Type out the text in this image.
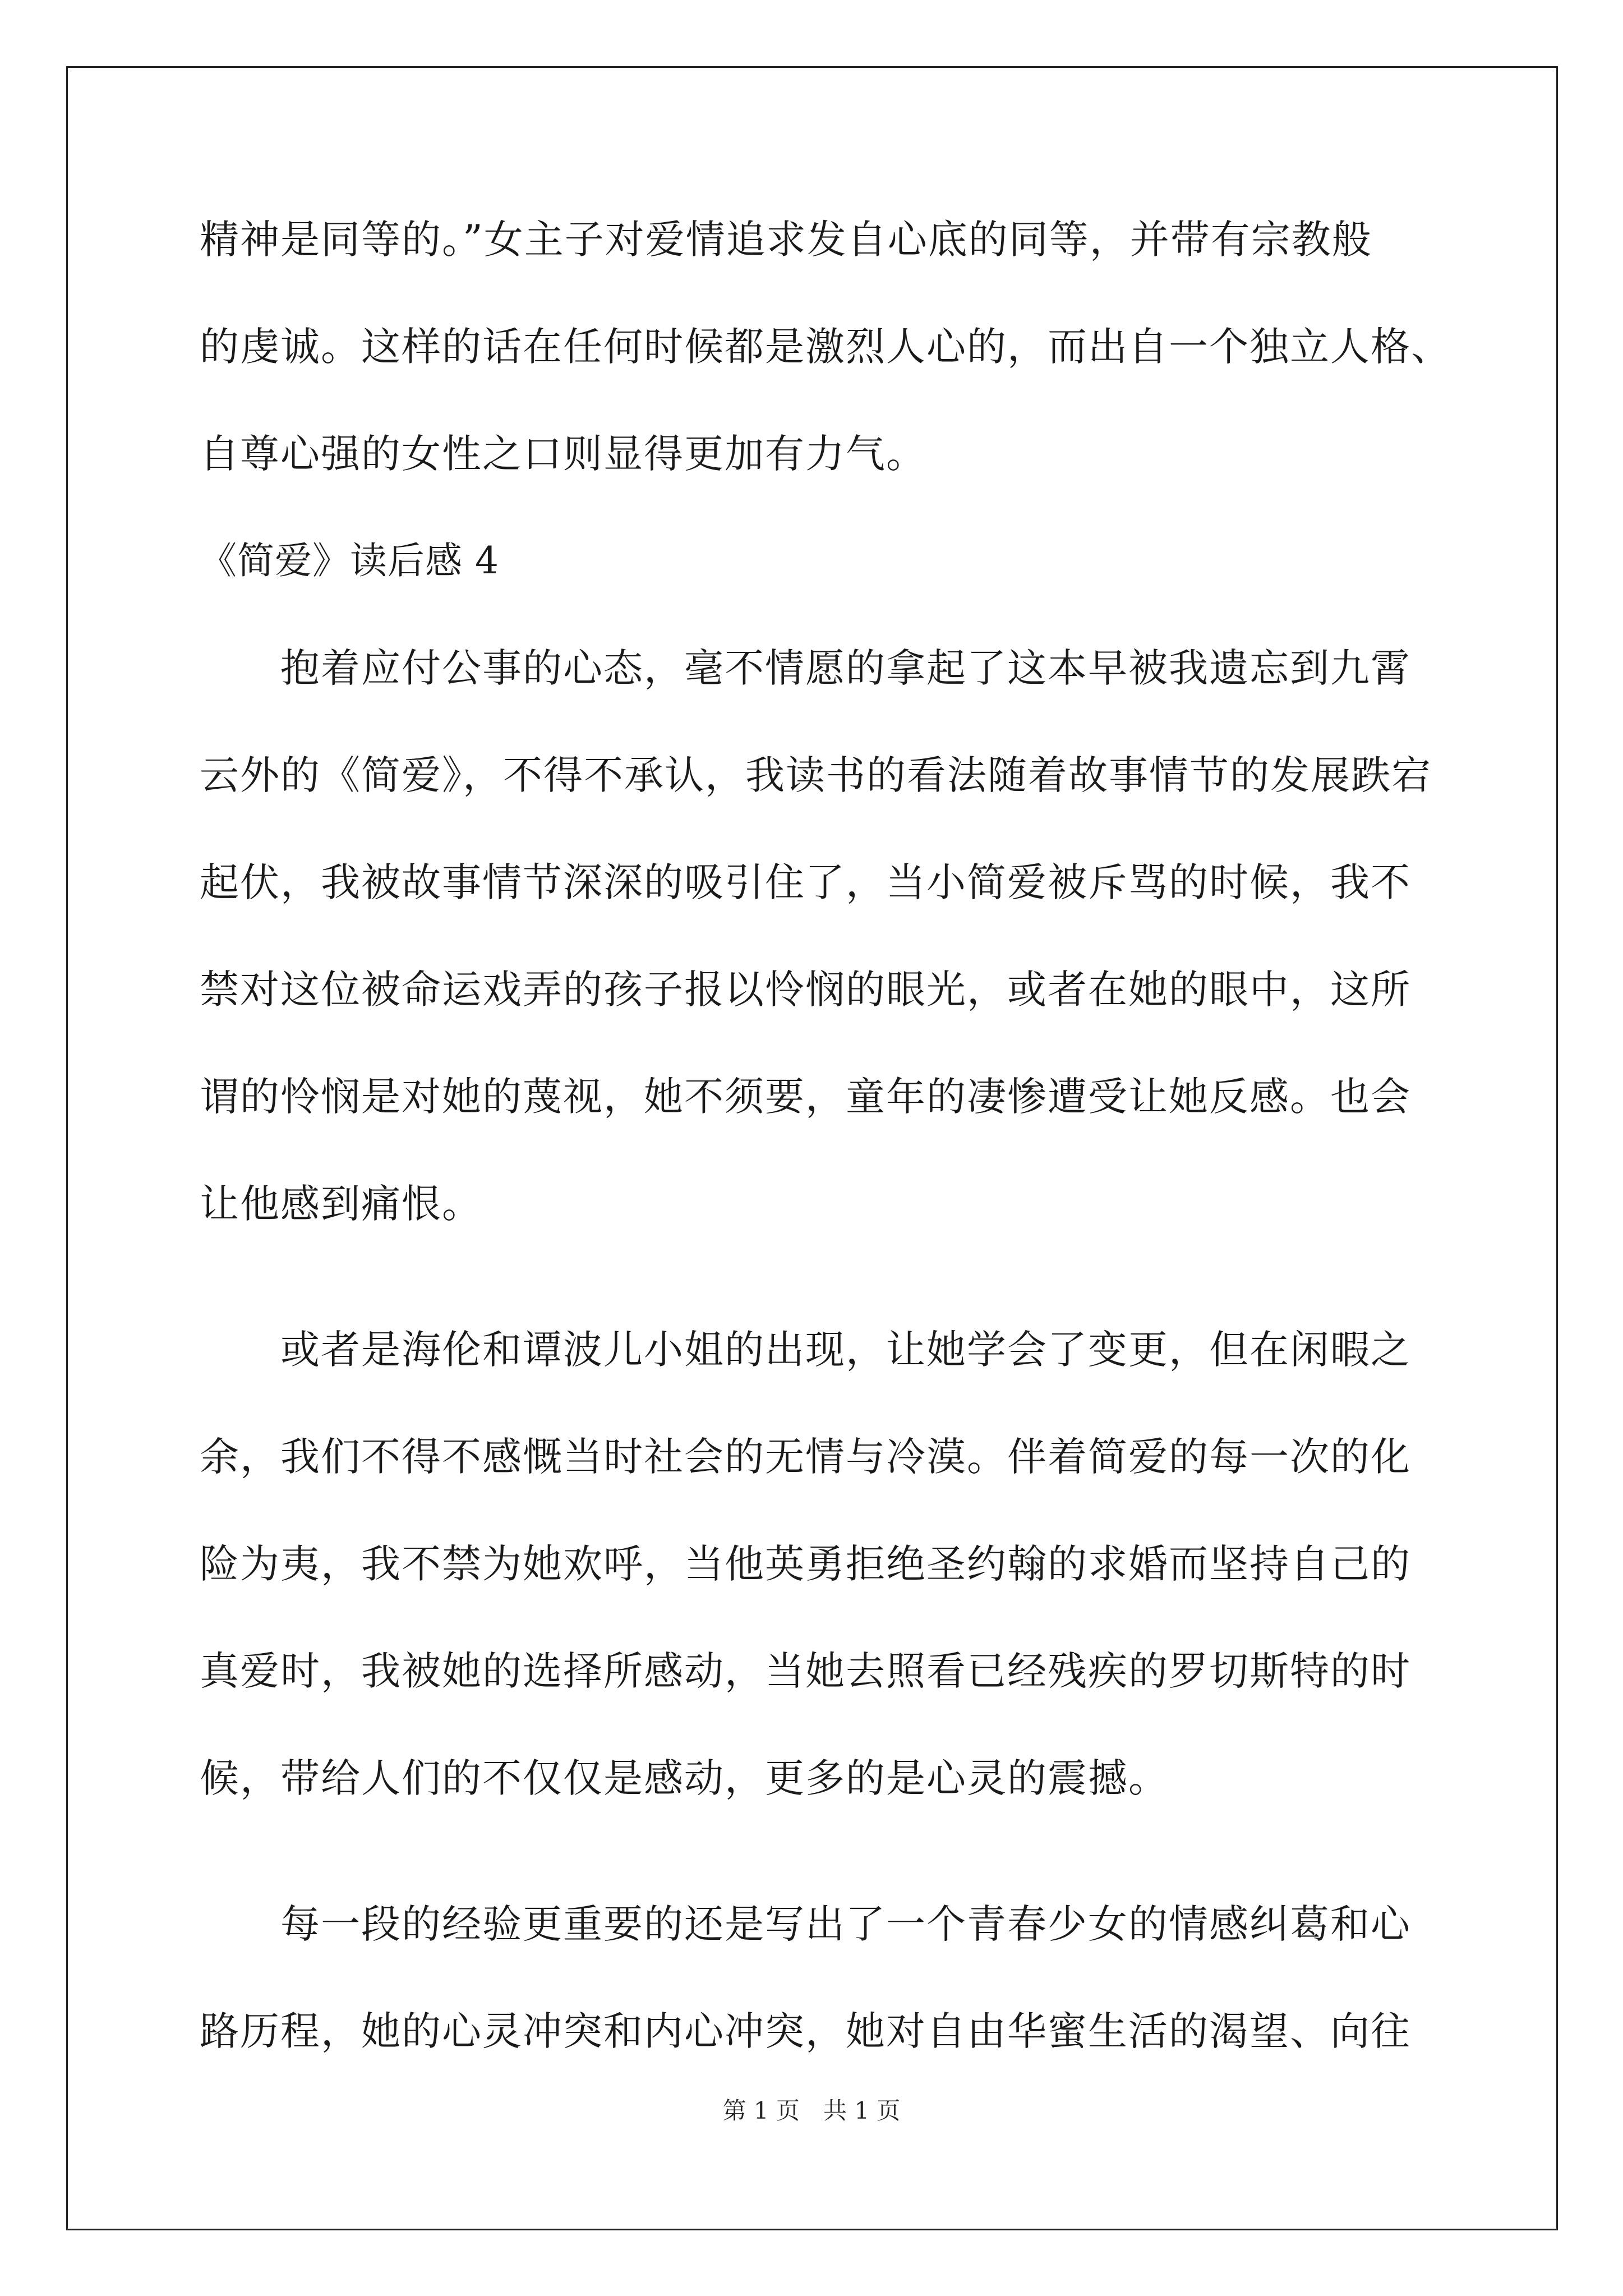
精神是同等的。”女主子对爱情追求发自心底的同等，并带有宗教般
的虔诚。这样的话在任何时候都是激烈人心的，而出自一个独立人格、
自尊心强的女性之口则显得更加有力气。
《简爱》读后感 4
　　抱着应付公事的心态，毫不情愿的拿起了这本早被我遗忘到九霄
云外的《简爱》，不得不承认，我读书的看法随着故事情节的发展跌宕
起伏，我被故事情节深深的吸引住了，当小简爱被斥骂的时候，我不
禁对这位被命运戏弄的孩子报以怜悯的眼光，或者在她的眼中，这所
谓的怜悯是对她的蔑视，她不须要，童年的凄惨遭受让她反感。也会
让他感到痛恨。
　　或者是海伦和谭波儿小姐的出现，让她学会了变更，但在闲暇之
余，我们不得不感慨当时社会的无情与冷漠。伴着简爱的每一次的化
险为夷，我不禁为她欢呼，当他英勇拒绝圣约翰的求婚而坚持自己的
真爱时，我被她的选择所感动，当她去照看已经残疾的罗切斯特的时
候，带给人们的不仅仅是感动，更多的是心灵的震撼。
　　每一段的经验更重要的还是写出了一个青春少女的情感纠葛和心
路历程，她的心灵冲突和内心冲突，她对自由华蜜生活的渴望、向往
第 1 页　共 1 页
